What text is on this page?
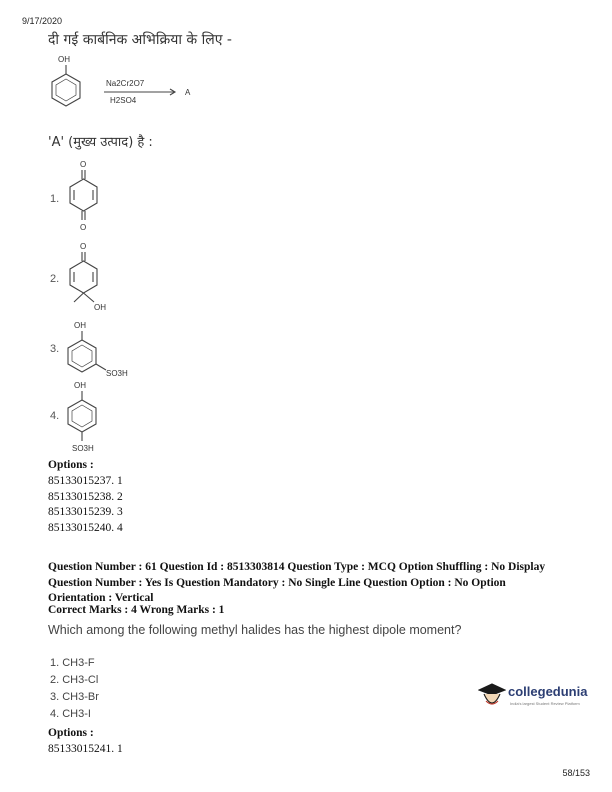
9/17/2020
58/153
दी गई कार्बनिक अभिक्रिया के लिए -
OH
Na2Cr2O7
H2SO4
A
'A' (मुख्य उत्पाद) है :
1.
O
O
2.
O
OH
3.
OH
SO3H
4.
OH
SO3H
Options :
85133015237. 1
85133015238. 2
85133015239. 3
85133015240. 4
Question Number : 61 Question Id : 8513303814 Question Type : MCQ Option Shuffling : No Display
Question Number : Yes Is Question Mandatory : No Single Line Question Option : No Option
Orientation : Vertical
Correct Marks : 4 Wrong Marks : 1
Which among the following methyl halides has the highest dipole moment?
1. CH3-F
2. CH3-Cl
3. CH3-Br
4. CH3-I
Options :
85133015241. 1
collegedunia
India's largest Student Review Platform
